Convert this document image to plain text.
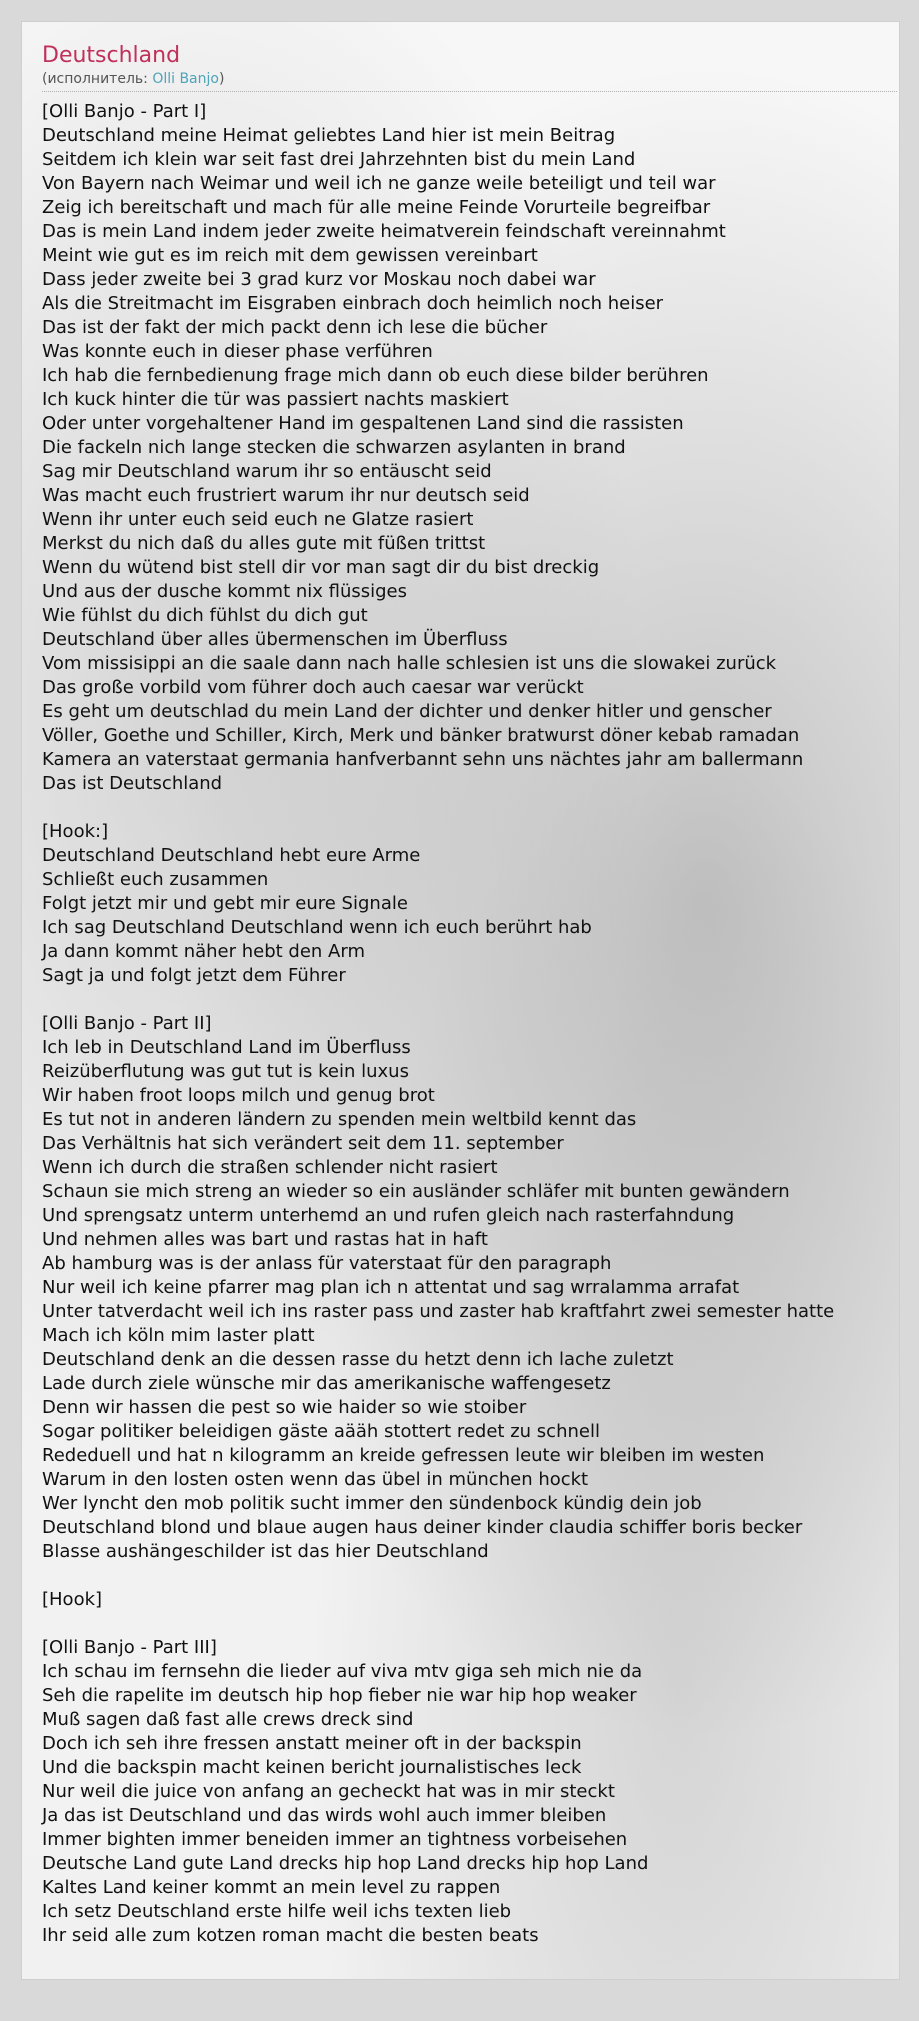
Deutschland
(исполнитель: Olli Banjo)
[Olli Banjo - Part I]
Deutschland meine Heimat geliebtes Land hier ist mein Beitrag
Seitdem ich klein war seit fast drei Jahrzehnten bist du mein Land
Von Bayern nach Weimar und weil ich ne ganze weile beteiligt und teil war
Zeig ich bereitschaft und mach für alle meine Feinde Vorurteile begreifbar
Das is mein Land indem jeder zweite heimatverein feindschaft vereinnahmt
Meint wie gut es im reich mit dem gewissen vereinbart
Dass jeder zweite bei 3 grad kurz vor Moskau noch dabei war
Als die Streitmacht im Eisgraben einbrach doch heimlich noch heiser
Das ist der fakt der mich packt denn ich lese die bücher
Was konnte euch in dieser phase verführen
Ich hab die fernbedienung frage mich dann ob euch diese bilder berühren
Ich kuck hinter die tür was passiert nachts maskiert
Oder unter vorgehaltener Hand im gespaltenen Land sind die rassisten
Die fackeln nich lange stecken die schwarzen asylanten in brand
Sag mir Deutschland warum ihr so entäuscht seid
Was macht euch frustriert warum ihr nur deutsch seid
Wenn ihr unter euch seid euch ne Glatze rasiert
Merkst du nich daß du alles gute mit füßen trittst
Wenn du wütend bist stell dir vor man sagt dir du bist dreckig
Und aus der dusche kommt nix flüssiges
Wie fühlst du dich fühlst du dich gut
Deutschland über alles übermenschen im Überfluss
Vom missisippi an die saale dann nach halle schlesien ist uns die slowakei zurück
Das große vorbild vom führer doch auch caesar war verückt
Es geht um deutschlad du mein Land der dichter und denker hitler und genscher
Völler, Goethe und Schiller, Kirch, Merk und bänker bratwurst döner kebab ramadan
Kamera an vaterstaat germania hanfverbannt sehn uns nächtes jahr am ballermann
Das ist Deutschland
[Hook:]
Deutschland Deutschland hebt eure Arme
Schließt euch zusammen
Folgt jetzt mir und gebt mir eure Signale
Ich sag Deutschland Deutschland wenn ich euch berührt hab
Ja dann kommt näher hebt den Arm
Sagt ja und folgt jetzt dem Führer
[Olli Banjo - Part II]
Ich leb in Deutschland Land im Überfluss
Reizüberflutung was gut tut is kein luxus
Wir haben froot loops milch und genug brot
Es tut not in anderen ländern zu spenden mein weltbild kennt das
Das Verhältnis hat sich verändert seit dem 11. september
Wenn ich durch die straßen schlender nicht rasiert
Schaun sie mich streng an wieder so ein ausländer schläfer mit bunten gewändern
Und sprengsatz unterm unterhemd an und rufen gleich nach rasterfahndung
Und nehmen alles was bart und rastas hat in haft
Ab hamburg was is der anlass für vaterstaat für den paragraph
Nur weil ich keine pfarrer mag plan ich n attentat und sag wrralamma arrafat
Unter tatverdacht weil ich ins raster pass und zaster hab kraftfahrt zwei semester hatte
Mach ich köln mim laster platt
Deutschland denk an die dessen rasse du hetzt denn ich lache zuletzt
Lade durch ziele wünsche mir das amerikanische waffengesetz
Denn wir hassen die pest so wie haider so wie stoiber
Sogar politiker beleidigen gäste aääh stottert redet zu schnell
Rededuell und hat n kilogramm an kreide gefressen leute wir bleiben im westen
Warum in den losten osten wenn das übel in münchen hockt
Wer lyncht den mob politik sucht immer den sündenbock kündig dein job
Deutschland blond und blaue augen haus deiner kinder claudia schiffer boris becker
Blasse aushängeschilder ist das hier Deutschland
[Hook]
[Olli Banjo - Part III]
Ich schau im fernsehn die lieder auf viva mtv giga seh mich nie da
Seh die rapelite im deutsch hip hop fieber nie war hip hop weaker
Muß sagen daß fast alle crews dreck sind
Doch ich seh ihre fressen anstatt meiner oft in der backspin
Und die backspin macht keinen bericht journalistisches leck
Nur weil die juice von anfang an gecheckt hat was in mir steckt
Ja das ist Deutschland und das wirds wohl auch immer bleiben
Immer bighten immer beneiden immer an tightness vorbeisehen
Deutsche Land gute Land drecks hip hop Land drecks hip hop Land
Kaltes Land keiner kommt an mein level zu rappen
Ich setz Deutschland erste hilfe weil ichs texten lieb
Ihr seid alle zum kotzen roman macht die besten beats
